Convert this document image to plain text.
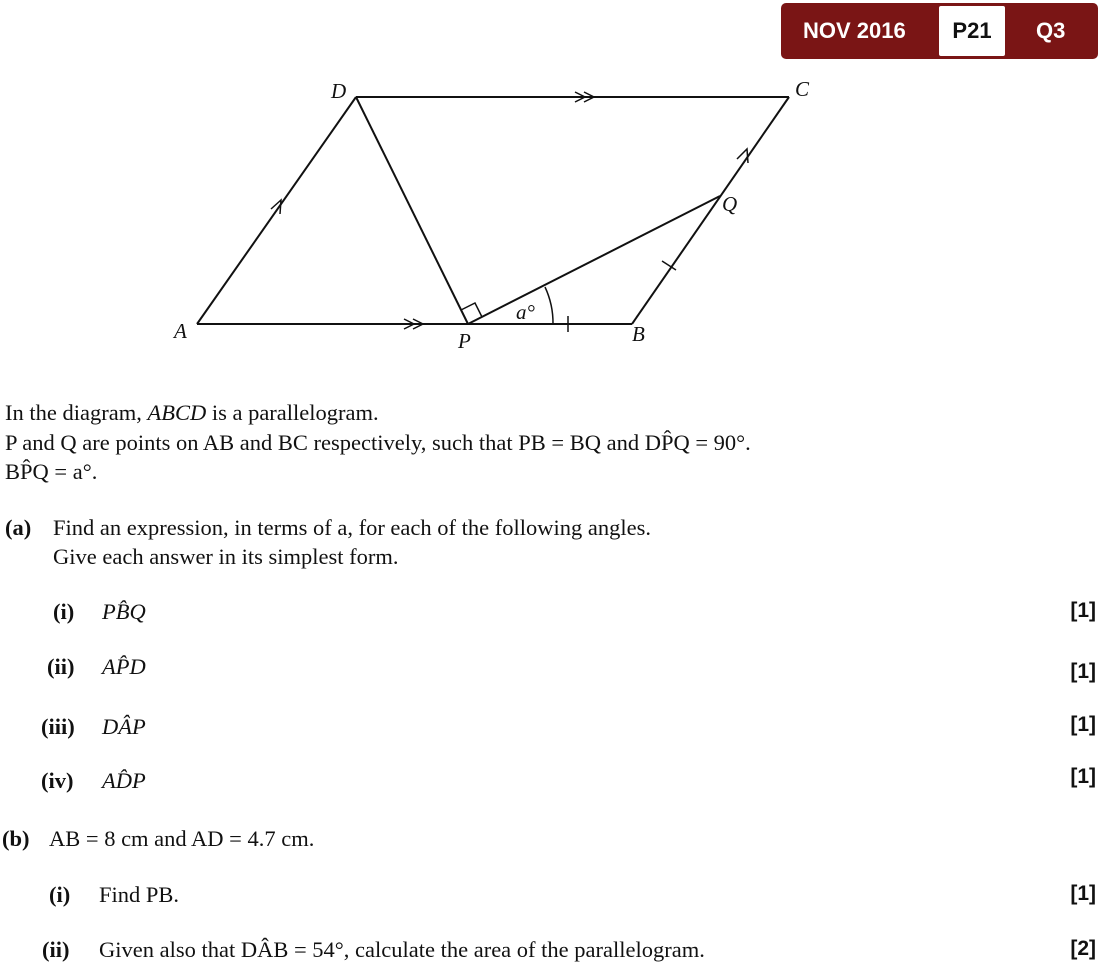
NOV 2016	P21	Q3
A	B
C
D
P
Q
a°
In the diagram, ABCD is a parallelogram.
P and Q are points on AB and BC respectively, such that PB = BQ and DP̂Q = 90°.
BP̂Q = a°.
(a) Find an expression, in terms of a, for each of the following angles.
Give each answer in its simplest form.
(i) PB̂Q	[1]
(ii) AP̂D	[1]
(iii) DÂP	[1]
(iv) AD̂P	[1]
(b) AB = 8 cm and AD = 4.7 cm.
(i) Find PB.	[1]
(ii) Given also that DÂB = 54°, calculate the area of the parallelogram.	[2]
